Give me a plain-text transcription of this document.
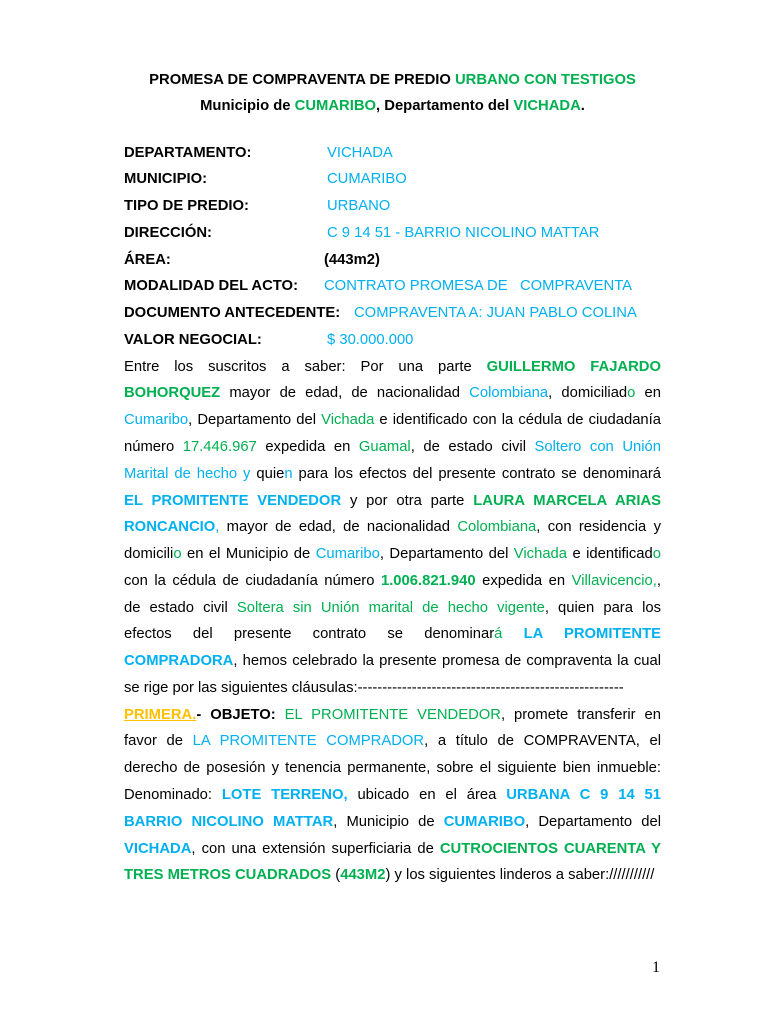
PROMESA DE COMPRAVENTA DE PREDIO URBANO CON TESTIGOS
Municipio de CUMARIBO, Departamento del VICHADA.
DEPARTAMENTO:	VICHADA
MUNICIPIO:	CUMARIBO
TIPO DE PREDIO:	URBANO
DIRECCIÓN:	C 9 14 51 - BARRIO NICOLINO MATTAR
ÁREA:	(443m2)
MODALIDAD DEL ACTO: CONTRATO PROMESA DE   COMPRAVENTA
DOCUMENTO ANTECEDENTE: COMPRAVENTA A: JUAN PABLO COLINA
VALOR NEGOCIAL:	$ 30.000.000
Entre los suscritos a saber: Por una parte GUILLERMO FAJARDO
BOHORQUEZ mayor de edad, de nacionalidad Colombiana, domiciliado en
Cumaribo, Departamento del Vichada e identificado con la cédula de ciudadanía
número 17.446.967 expedida en Guamal, de estado civil Soltero con Unión
Marital de hecho y quien para los efectos del presente contrato se denominará
EL PROMITENTE VENDEDOR y por otra parte LAURA MARCELA ARIAS
RONCANCIO, mayor de edad, de nacionalidad Colombiana, con residencia y
domicilio en el Municipio de Cumaribo, Departamento del Vichada e identificado
con la cédula de ciudadanía número 1.006.821.940 expedida en Villavicencio,,
de estado civil Soltera sin Unión marital de hecho vigente, quien para los
efectos del presente contrato se denominará LA PROMITENTE
COMPRADORA, hemos celebrado la presente promesa de compraventa la cual
se rige por las siguientes cláusulas:------------------------------------------------------
PRIMERA.- OBJETO: EL PROMITENTE VENDEDOR, promete transferir en
favor de LA PROMITENTE COMPRADOR, a título de COMPRAVENTA, el
derecho de posesión y tenencia permanente, sobre el siguiente bien inmueble:
Denominado: LOTE TERRENO, ubicado en el área URBANA C 9 14 51
BARRIO NICOLINO MATTAR, Municipio de CUMARIBO, Departamento del
VICHADA, con una extensión superficiaria de CUTROCIENTOS CUARENTA Y
TRES METROS CUADRADOS (443M2) y los siguientes linderos a saber:///////////
1
